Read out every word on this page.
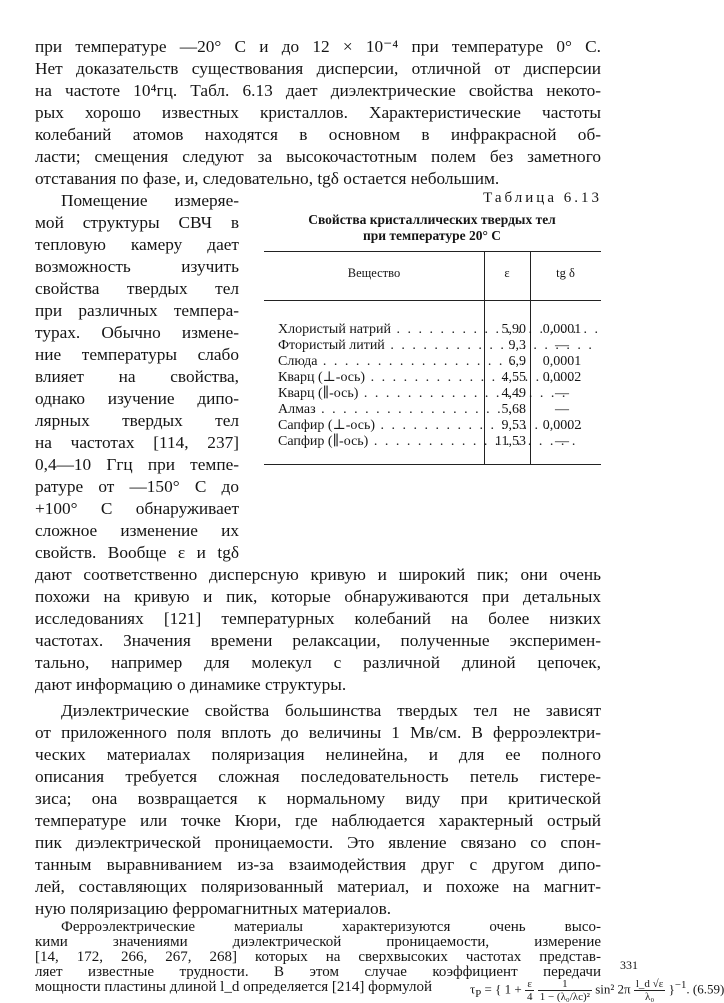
при температуре —20° С и до 12 × 10⁻⁴ при температуре 0° С.
Нет доказательств существования дисперсии, отличной от дисперсии
на частоте 10⁴гц. Табл. 6.13 дает диэлектрические свойства некото-
рых хорошо известных кристаллов. Характеристические частоты
колебаний атомов находятся в основном в инфракрасной об-
ласти; смещения следуют за высокочастотным полем без заметного
отставания по фазе, и, следовательно, tgδ остается небольшим.
Помещение измеряе-
мой структуры СВЧ в
тепловую камеру дает
возможность изучить
свойства твердых тел
при различных темпера-
турах. Обычно измене-
ние температуры слабо
влияет на свойства,
однако изучение дипо-
лярных твердых тел
на частотах [114, 237]
0,4—10 Ггц при темпе-
ратуре от —150° С до
+100° С обнаруживает
сложное изменение их
свойств. Вообще ε и tgδ
Таблица 6.13
Свойства кристаллических твердых тел
при температуре 20° С
Вещество	ε	tg δ
Хлористый натрий . . .	5,90	0,0001
Фтористый литий . . .	9,3	—
Слюда . . .	6,9	0,0001
Кварц (⊥-ось) . . .	4,55	0,0002
Кварц (∥-ось) . . .	4,49	—
Алмаз . . .	5,68	—
Сапфир (⊥-ось) . . .	9,53	0,0002
Сапфир (∥-ось) . . .	11,53	—
дают соответственно дисперсную кривую и широкий пик; они очень
похожи на кривую и пик, которые обнаруживаются при детальных
исследованиях [121] температурных колебаний на более низких
частотах. Значения времени релаксации, полученные эксперимен-
тально, например для молекул с различной длиной цепочек,
дают информацию о динамике структуры.
Диэлектрические свойства большинства твердых тел не зависят
от приложенного поля вплоть до величины 1 Мв/см. В ферроэлектри-
ческих материалах поляризация нелинейна, и для ее полного
описания требуется сложная последовательность петель гистере-
зиса; она возвращается к нормальному виду при критической
температуре или точке Кюри, где наблюдается характерный острый
пик диэлектрической проницаемости. Это явление связано со спон-
танным выравниванием из-за взаимодействия друг с другом дипо-
лей, составляющих поляризованный материал, и похоже на магнит-
ную поляризацию ферромагнитных материалов.
Ферроэлектрические материалы характеризуются очень высо-
кими значениями диэлектрической проницаемости, измерение
[14, 172, 266, 267, 268] которых на сверхвысоких частотах представ-
ляет известные трудности. В этом случае коэффициент передачи
мощности пластины длиной l_d определяется [214] формулой	$\tau_P$ = { $1 + \frac{\varepsilon}{4}$
$\frac{1}{\text{1 − (λ₀/λc)²}} \sin^2$ $2\pi \frac{l\_d √\varepsilon}{\text{λ₀}} \}^{-1}$. (6.59)
331
